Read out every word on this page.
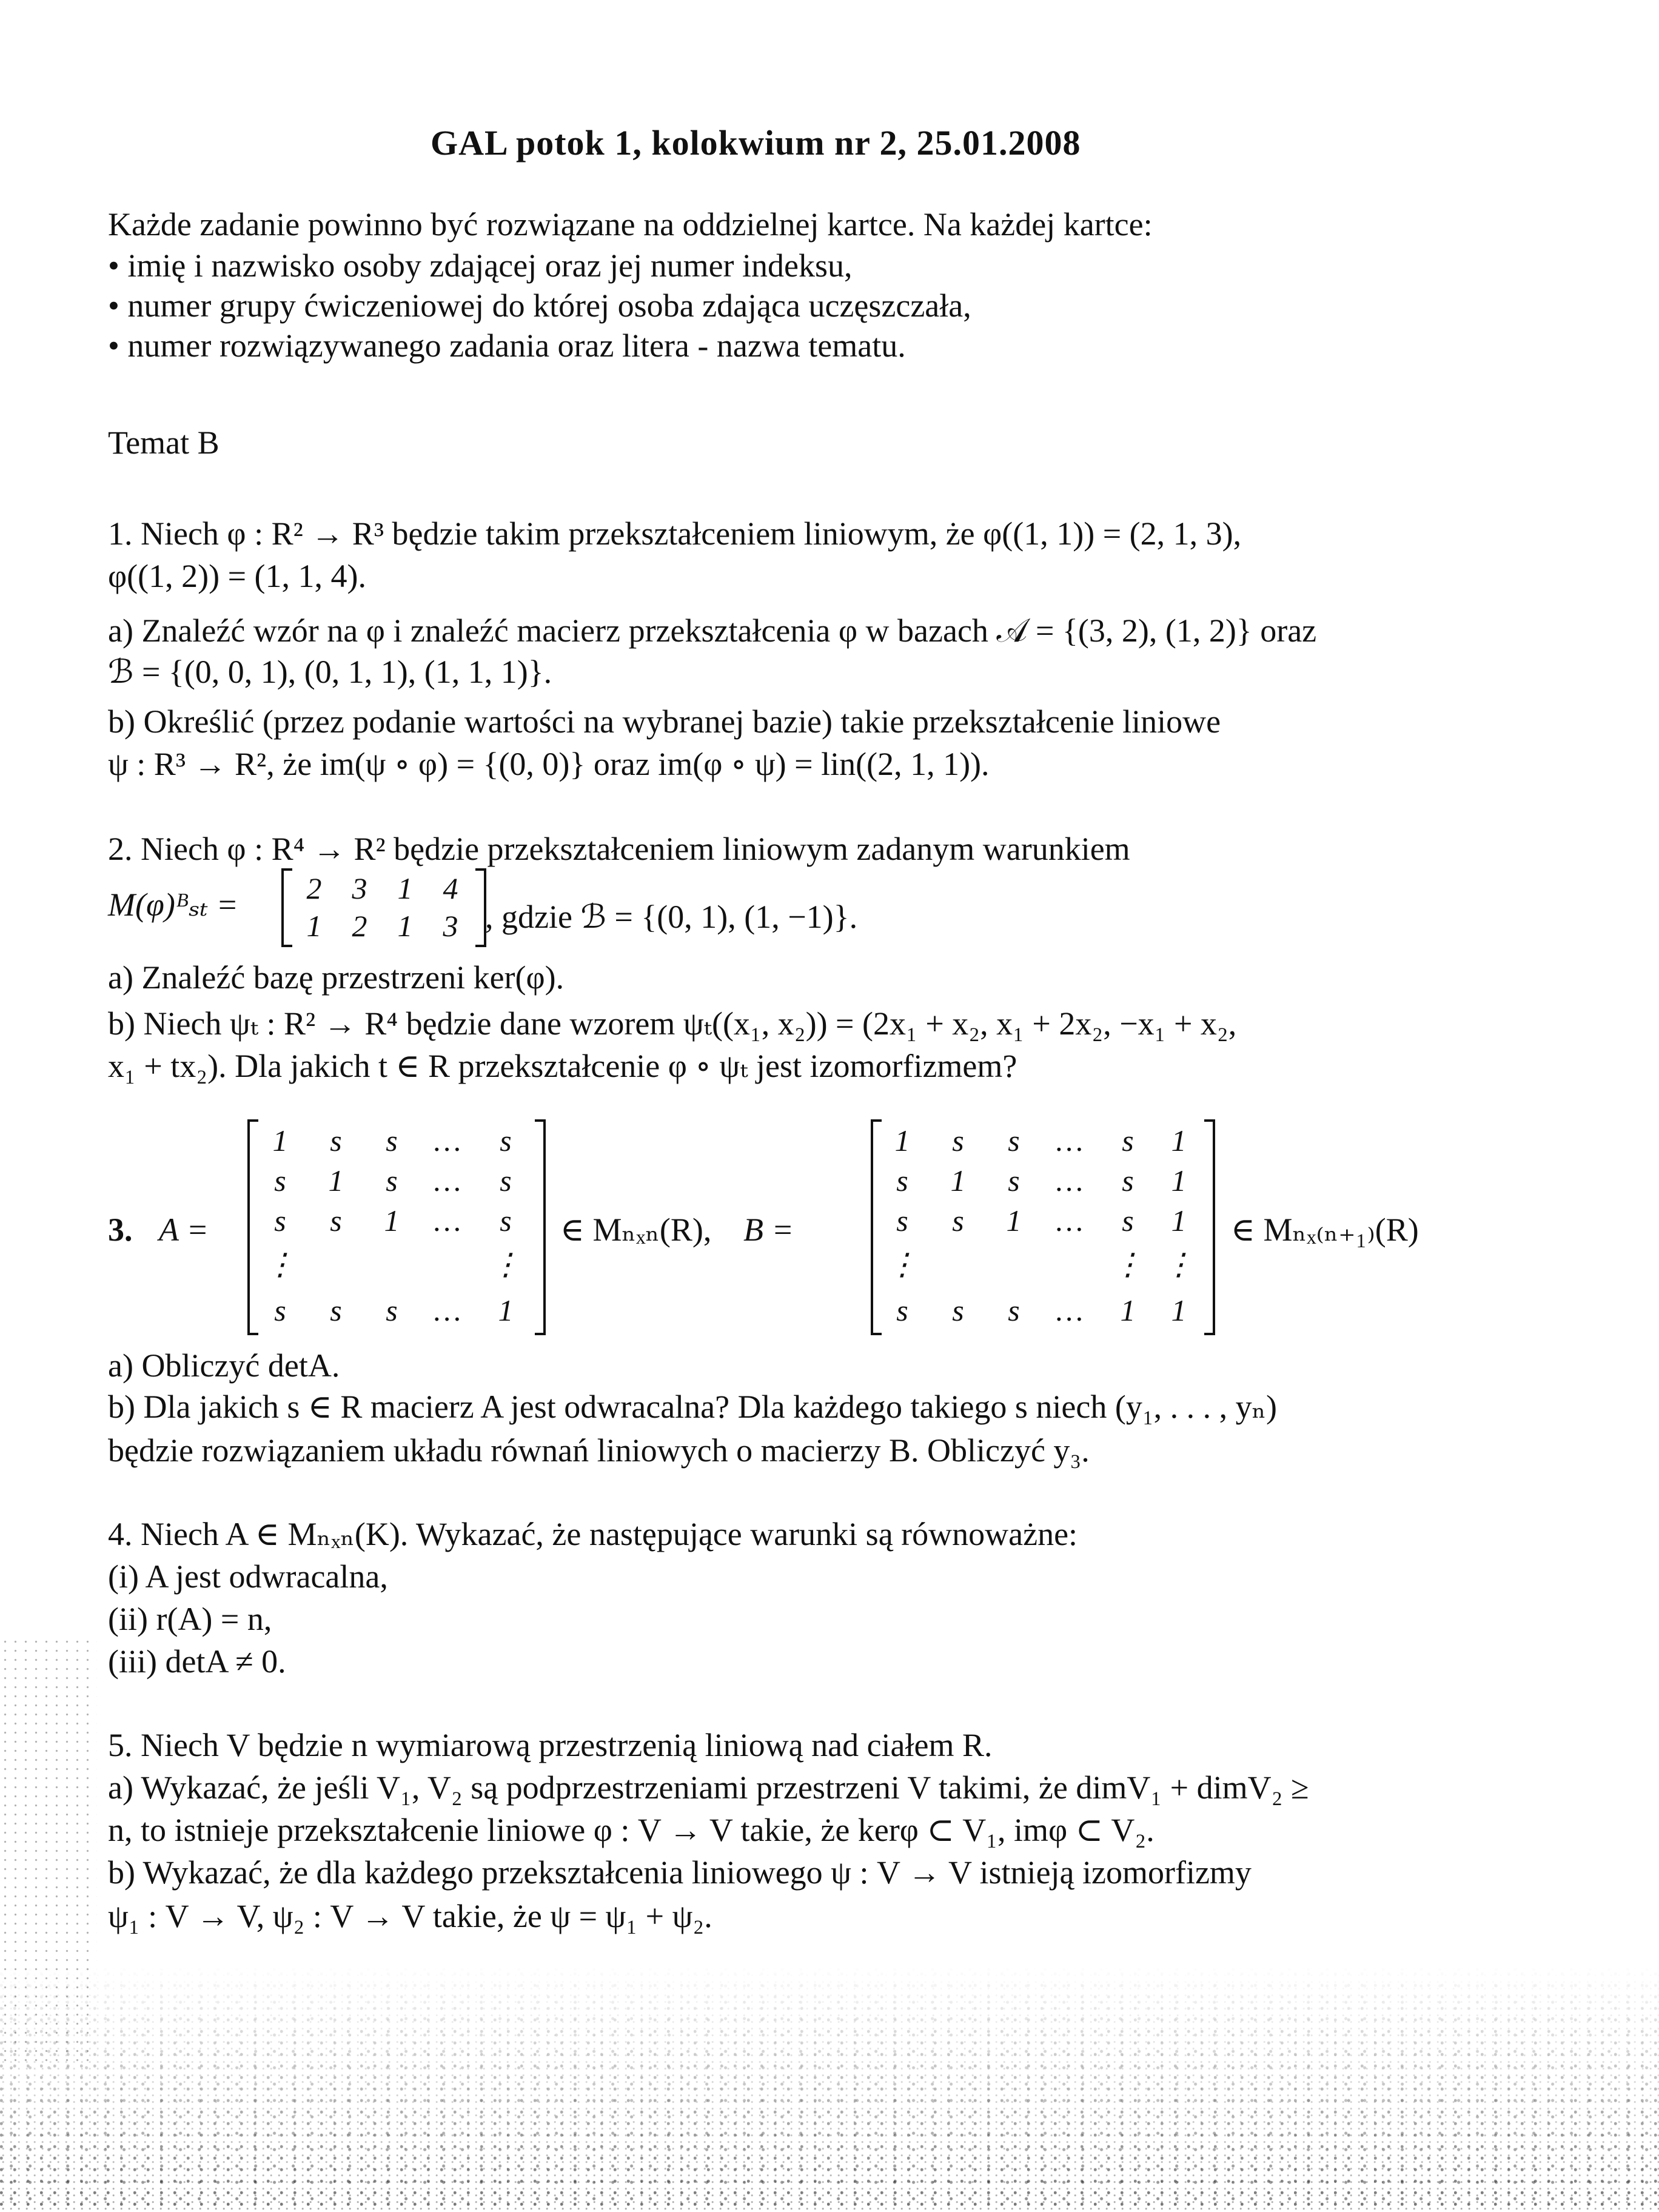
GAL potok 1, kolokwium nr 2, 25.01.2008
Każde zadanie powinno być rozwiązane na oddzielnej kartce. Na każdej kartce:
• imię i nazwisko osoby zdającej oraz jej numer indeksu,
• numer grupy ćwiczeniowej do której osoba zdająca uczęszczała,
• numer rozwiązywanego zadania oraz litera - nazwa tematu.
Temat B
1. Niech φ : R² → R³ będzie takim przekształceniem liniowym, że φ((1, 1)) = (2, 1, 3),
φ((1, 2)) = (1, 1, 4).
a) Znaleźć wzór na φ i znaleźć macierz przekształcenia φ w bazach 𝒜 = {(3, 2), (1, 2)} oraz
ℬ = {(0, 0, 1), (0, 1, 1), (1, 1, 1)}.
b) Określić (przez podanie wartości na wybranej bazie) takie przekształcenie liniowe
ψ : R³ → R², że im(ψ ∘ φ) = {(0, 0)} oraz im(φ ∘ ψ) = lin((2, 1, 1)).
2. Niech φ : R⁴ → R² będzie przekształceniem liniowym zadanym warunkiem
M(φ)ᴮₛₜ =	2	3	1	4
1	2	1	3 , gdzie ℬ = {(0, 1), (1, −1)}.
a) Znaleźć bazę przestrzeni ker(φ).
b) Niech ψₜ : R² → R⁴ będzie dane wzorem ψₜ((x₁, x₂)) = (2x₁ + x₂, x₁ + 2x₂, −x₁ + x₂,
x₁ + tx₂). Dla jakich t ∈ R przekształcenie φ ∘ ψₜ jest izomorfizmem?
3. A =
1	s	s	…	s
s	1	s	…	s
s	s	1	…	s
⋮	⋮
s	s	s	…	1
∈ Mₙₓₙ(R), B =
1	s	s	…	s	1
s	1	s	…	s	1
s	s	1	…	s	1
⋮	⋮ ⋮
s	s	s	…	1	1
∈ Mₙₓ₍ₙ₊₁₎(R)
a) Obliczyć detA.
b) Dla jakich s ∈ R macierz A jest odwracalna? Dla każdego takiego s niech (y₁, . . . , yₙ)
będzie rozwiązaniem układu równań liniowych o macierzy B. Obliczyć y₃.
4. Niech A ∈ Mₙₓₙ(K). Wykazać, że następujące warunki są równoważne:
(i) A jest odwracalna,
(ii) r(A) = n,
(iii) detA ≠ 0.
5. Niech V będzie n wymiarową przestrzenią liniową nad ciałem R.
a) Wykazać, że jeśli V₁, V₂ są podprzestrzeniami przestrzeni V takimi, że dimV₁ + dimV₂ ≥
n, to istnieje przekształcenie liniowe φ : V → V takie, że kerφ ⊂ V₁, imφ ⊂ V₂.
b) Wykazać, że dla każdego przekształcenia liniowego ψ : V → V istnieją izomorfizmy
ψ₁ : V → V, ψ₂ : V → V takie, że ψ = ψ₁ + ψ₂.
